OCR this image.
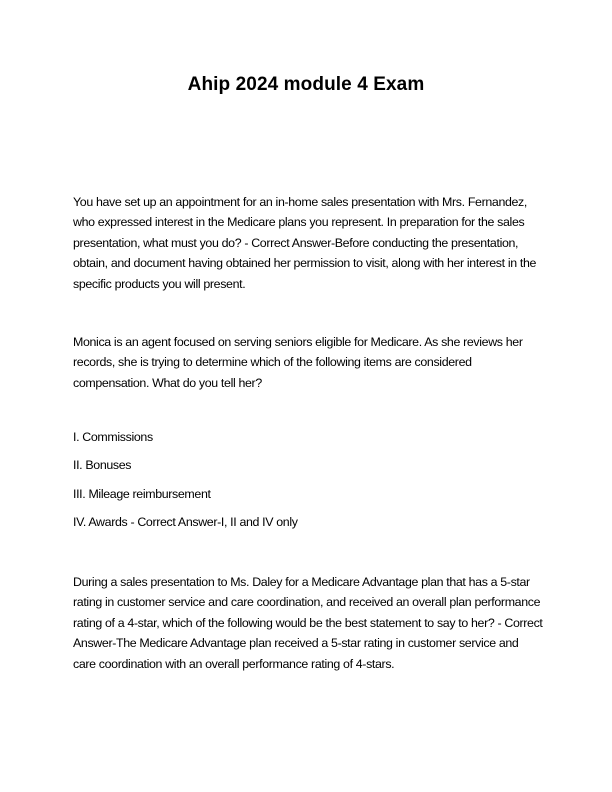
Ahip 2024 module 4 Exam

You have set up an appointment for an in-home sales presentation with Mrs. Fernandez, who expressed interest in the Medicare plans you represent. In preparation for the sales presentation, what must you do? - Correct Answer-Before conducting the presentation, obtain, and document having obtained her permission to visit, along with her interest in the specific products you will present.

Monica is an agent focused on serving seniors eligible for Medicare. As she reviews her records, she is trying to determine which of the following items are considered compensation. What do you tell her?

I. Commissions
II. Bonuses
III. Mileage reimbursement
IV. Awards - Correct Answer-I, II and IV only

During a sales presentation to Ms. Daley for a Medicare Advantage plan that has a 5-star rating in customer service and care coordination, and received an overall plan performance rating of a 4-star, which of the following would be the best statement to say to her? - Correct Answer-The Medicare Advantage plan received a 5-star rating in customer service and care coordination with an overall performance rating of 4-stars.
